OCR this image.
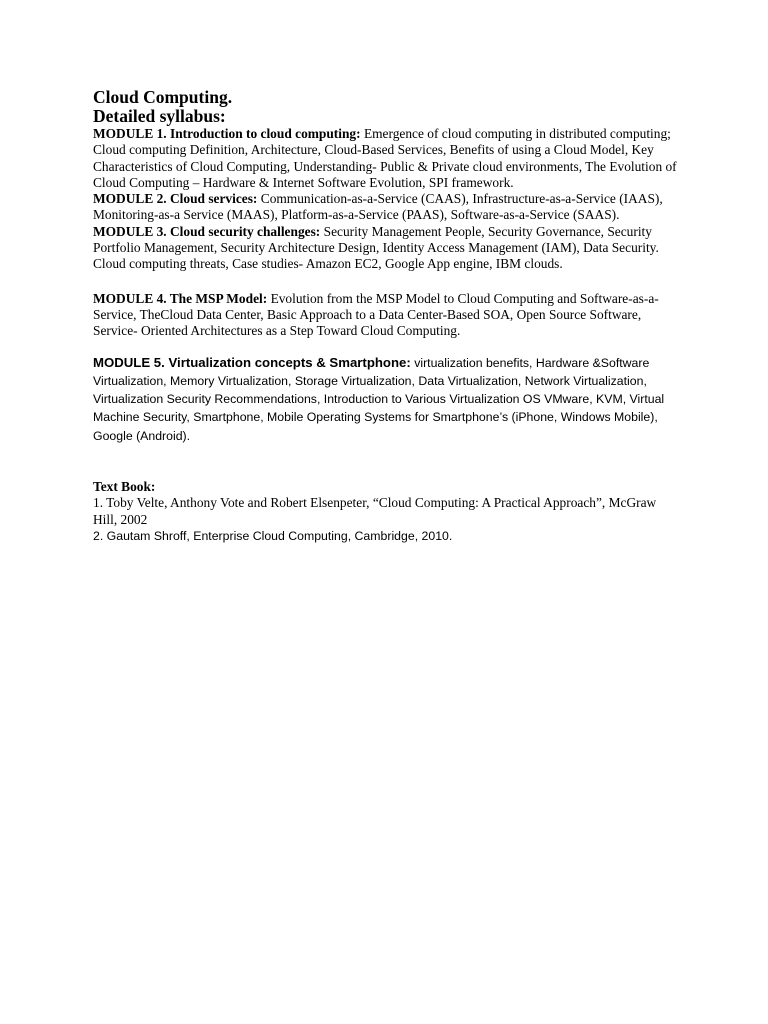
Cloud Computing.
Detailed syllabus:

MODULE 1. Introduction to cloud computing: Emergence of cloud computing in distributed computing; Cloud computing Definition, Architecture, Cloud-Based Services, Benefits of using a Cloud Model, Key Characteristics of Cloud Computing, Understanding- Public & Private cloud environments, The Evolution of Cloud Computing – Hardware & Internet Software Evolution, SPI framework.

MODULE 2. Cloud services: Communication-as-a-Service (CAAS), Infrastructure-as-a-Service (IAAS), Monitoring-as-a Service (MAAS), Platform-as-a-Service (PAAS), Software-as-a-Service (SAAS).

MODULE 3. Cloud security challenges: Security Management People, Security Governance, Security Portfolio Management, Security Architecture Design, Identity Access Management (IAM), Data Security. Cloud computing threats, Case studies- Amazon EC2, Google App engine, IBM clouds.

MODULE 4. The MSP Model: Evolution from the MSP Model to Cloud Computing and Software-as-a-Service, TheCloud Data Center, Basic Approach to a Data Center-Based SOA, Open Source Software, Service- Oriented Architectures as a Step Toward Cloud Computing.

MODULE 5. Virtualization concepts & Smartphone: virtualization benefits, Hardware &Software Virtualization, Memory Virtualization, Storage Virtualization, Data Virtualization, Network Virtualization, Virtualization Security Recommendations, Introduction to Various Virtualization OS VMware, KVM, Virtual Machine Security, Smartphone, Mobile Operating Systems for Smartphone’s (iPhone, Windows Mobile), Google (Android).

Text Book:

1. Toby Velte, Anthony Vote and Robert Elsenpeter, “Cloud Computing: A Practical Approach”, McGraw Hill, 2002

2. Gautam Shroff, Enterprise Cloud Computing, Cambridge, 2010.
